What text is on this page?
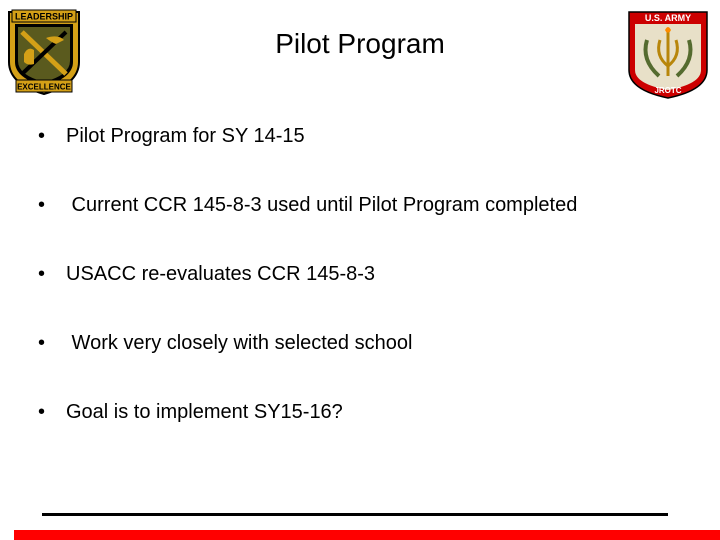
LEADERSHIP
EXCELLENCE
Pilot Program
U.S. ARMY
JROTC
• Pilot Program for SY 14-15
• Current CCR 145-8-3 used until Pilot Program completed
• USACC re-evaluates CCR 145-8-3
• Work very closely with selected school
• Goal is to implement SY15-16?
